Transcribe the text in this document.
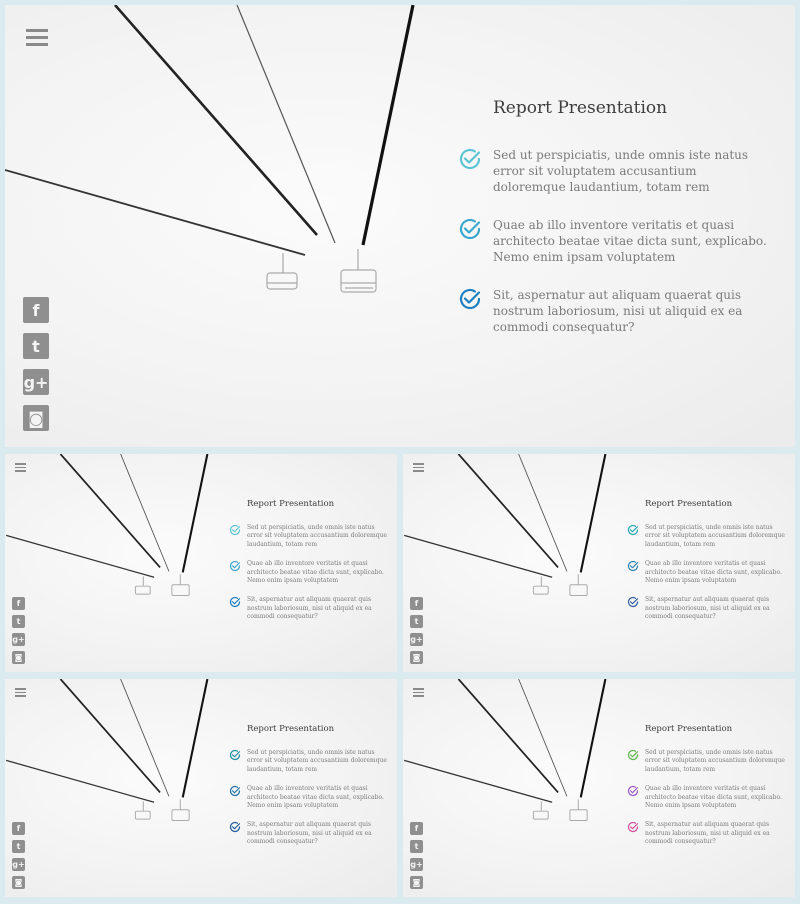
f
t
g+
◙
Report Presentation
Sed ut perspiciatis, unde omnis iste natus error sit voluptatem accusantium doloremque laudantium, totam rem
Quae ab illo inventore veritatis et quasi architecto beatae vitae dicta sunt, explicabo. Nemo enim ipsam voluptatem
Sit, aspernatur aut aliquam quaerat quis nostrum laboriosum, nisi ut aliquid ex ea commodi consequatur?
f
t
g+
◙
Report Presentation
Sed ut perspiciatis, unde omnis iste natus error sit voluptatem accusantium doloremque laudantium, totam rem
Quae ab illo inventore veritatis et quasi architecto beatae vitae dicta sunt, explicabo. Nemo enim ipsam voluptatem
Sit, aspernatur aut aliquam quaerat quis nostrum laboriosum, nisi ut aliquid ex ea commodi consequatur?
f
t
g+
◙
Report Presentation
Sed ut perspiciatis, unde omnis iste natus error sit voluptatem accusantium doloremque laudantium, totam rem
Quae ab illo inventore veritatis et quasi architecto beatae vitae dicta sunt, explicabo. Nemo enim ipsam voluptatem
Sit, aspernatur aut aliquam quaerat quis nostrum laboriosum, nisi ut aliquid ex ea commodi consequatur?
f
t
g+
◙
Report Presentation
Sed ut perspiciatis, unde omnis iste natus error sit voluptatem accusantium doloremque laudantium, totam rem
Quae ab illo inventore veritatis et quasi architecto beatae vitae dicta sunt, explicabo. Nemo enim ipsam voluptatem
Sit, aspernatur aut aliquam quaerat quis nostrum laboriosum, nisi ut aliquid ex ea commodi consequatur?
f
t
g+
◙
Report Presentation
Sed ut perspiciatis, unde omnis iste natus error sit voluptatem accusantium doloremque laudantium, totam rem
Quae ab illo inventore veritatis et quasi architecto beatae vitae dicta sunt, explicabo. Nemo enim ipsam voluptatem
Sit, aspernatur aut aliquam quaerat quis nostrum laboriosum, nisi ut aliquid ex ea commodi consequatur?
